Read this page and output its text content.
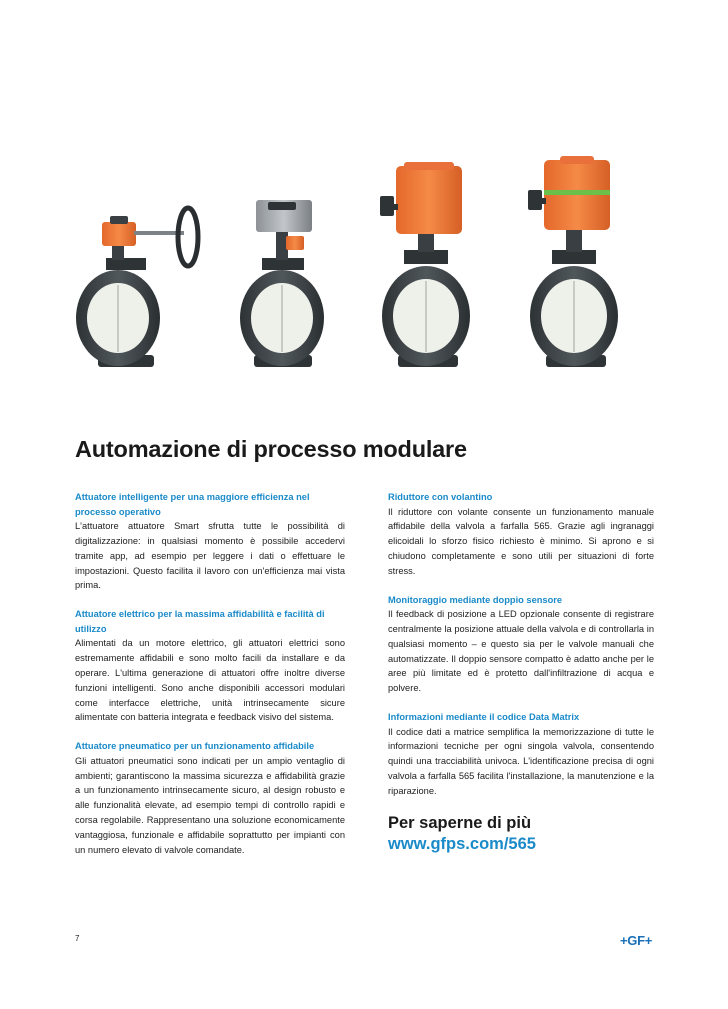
Automazione di processo modulare

Attuatore intelligente per una maggiore efficienza nel processo operativo

L'attuatore attuatore Smart sfrutta tutte le possibilità di digitalizzazione: in qualsiasi momento è possibile accedervi tramite app, ad esempio per leggere i dati o effettuare le impostazioni. Questo facilita il lavoro con un'efficienza mai vista prima.

Attuatore elettrico per la massima affidabilità e facilità di utilizzo

Alimentati da un motore elettrico, gli attuatori elettrici sono estremamente affidabili e sono molto facili da installare e da operare. L'ultima generazione di attuatori offre inoltre diverse funzioni intelligenti. Sono anche disponibili accessori modulari come interfacce elettriche, unità intrinsecamente sicure alimentate con batteria integrata e feedback visivo del sistema.

Attuatore pneumatico per un funzionamento affidabile

Gli attuatori pneumatici sono indicati per un ampio ventaglio di ambienti; garantiscono la massima sicurezza e affidabilità grazie a un funzionamento intrinsecamente sicuro, al design robusto e alle funzionalità elevate, ad esempio tempi di controllo rapidi e corsa regolabile. Rappresentano una soluzione economicamente vantaggiosa, funzionale e affidabile soprattutto per impianti con un numero elevato di valvole comandate.

Riduttore con volantino

Il riduttore con volante consente un funzionamento manuale affidabile della valvola a farfalla 565. Grazie agli ingranaggi elicoidali lo sforzo fisico richiesto è minimo. Si aprono e si chiudono completamente e sono utili per situazioni di forte stress.

Monitoraggio mediante doppio sensore

Il feedback di posizione a LED opzionale consente di registrare centralmente la posizione attuale della valvola e di controllarla in qualsiasi momento – e questo sia per le valvole manuali che automatizzate. Il doppio sensore compatto è adatto anche per le aree più limitate ed è protetto dall'infiltrazione di acqua e polvere.

Informazioni mediante il codice Data Matrix

Il codice dati a matrice semplifica la memorizzazione di tutte le informazioni tecniche per ogni singola valvola, consentendo quindi una tracciabilità univoca. L'identificazione precisa di ogni valvola a farfalla 565 facilita l'installazione, la manutenzione e la riparazione.

Per saperne di più

www.gfps.com/565

7	+GF+
